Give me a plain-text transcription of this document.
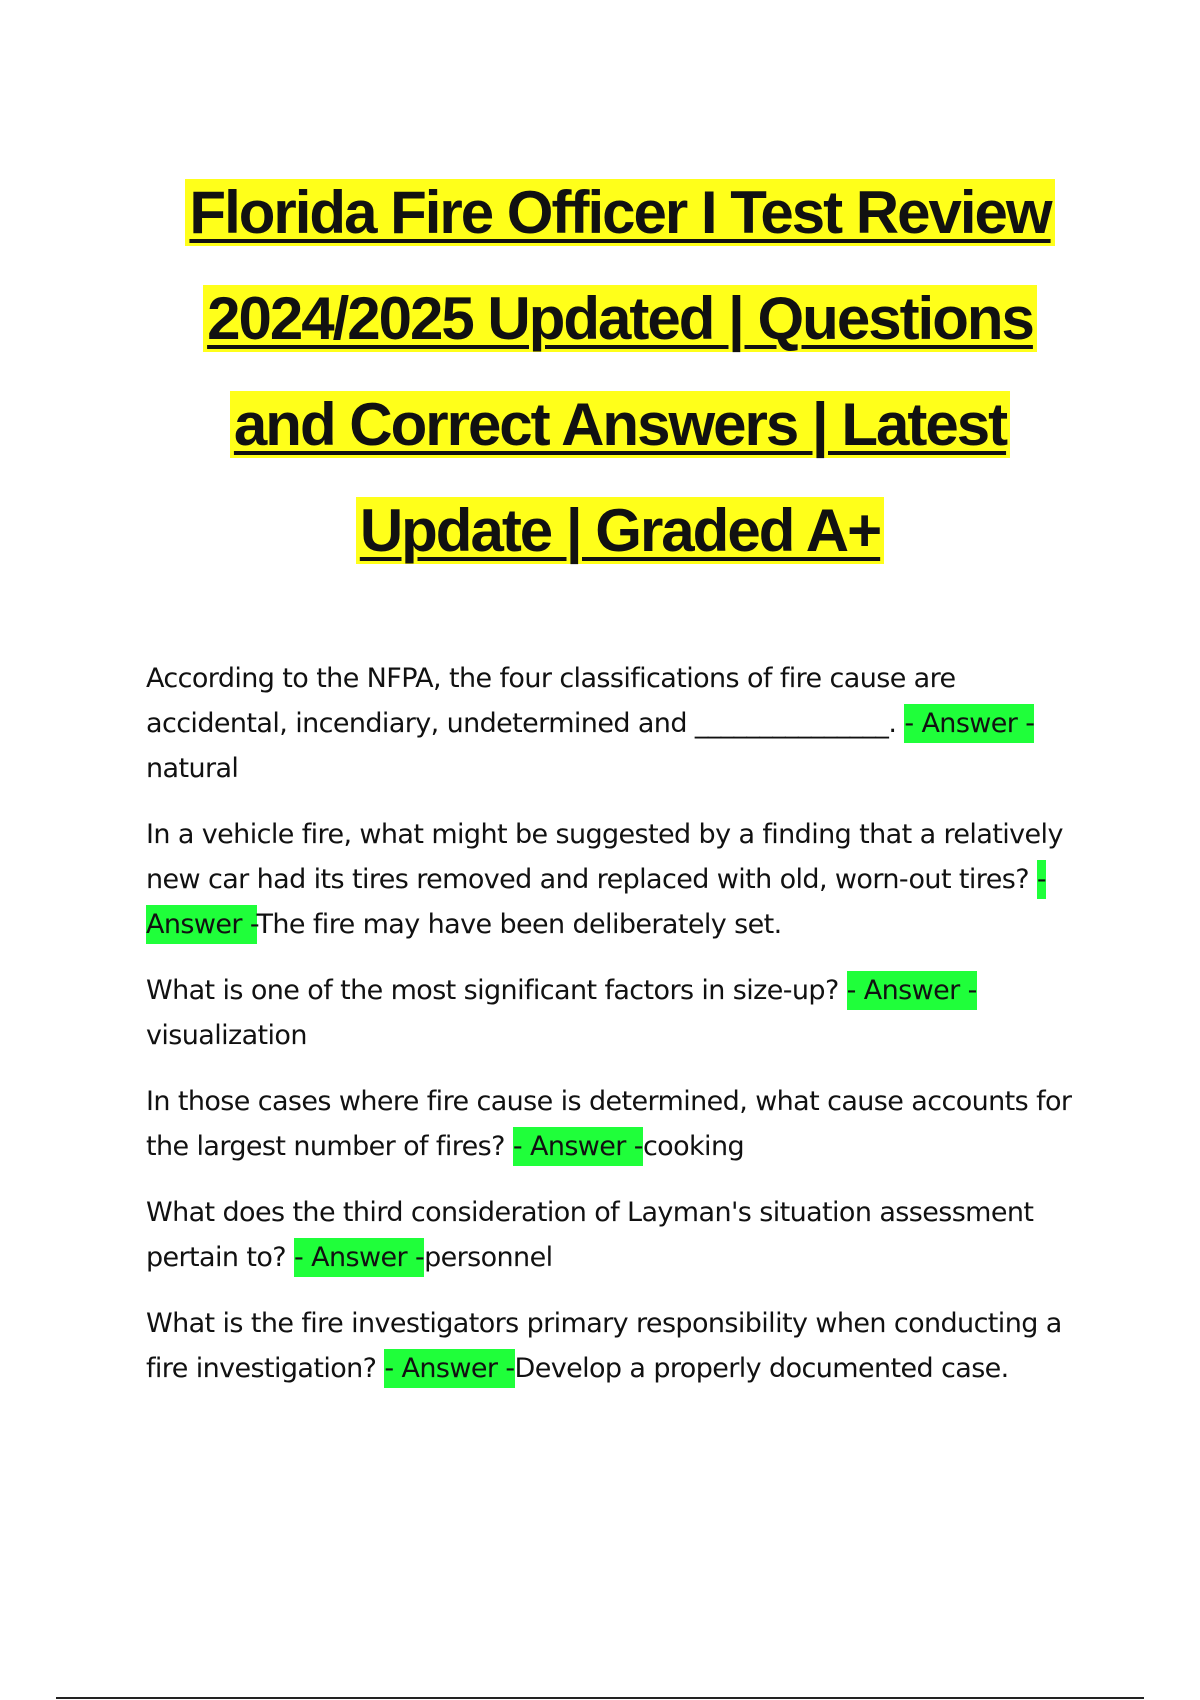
Florida Fire Officer I Test Review
2024/2025 Updated | Questions
and Correct Answers | Latest
Update | Graded A+

According to the NFPA, the four classifications of fire cause are accidental, incendiary, undetermined and _______________. - Answer - natural

In a vehicle fire, what might be suggested by a finding that a relatively new car had its tires removed and replaced with old, worn-out tires? - Answer -The fire may have been deliberately set.

What is one of the most significant factors in size-up? - Answer - visualization

In those cases where fire cause is determined, what cause accounts for the largest number of fires? - Answer -cooking

What does the third consideration of Layman's situation assessment pertain to? - Answer -personnel

What is the fire investigators primary responsibility when conducting a fire investigation? - Answer -Develop a properly documented case.
